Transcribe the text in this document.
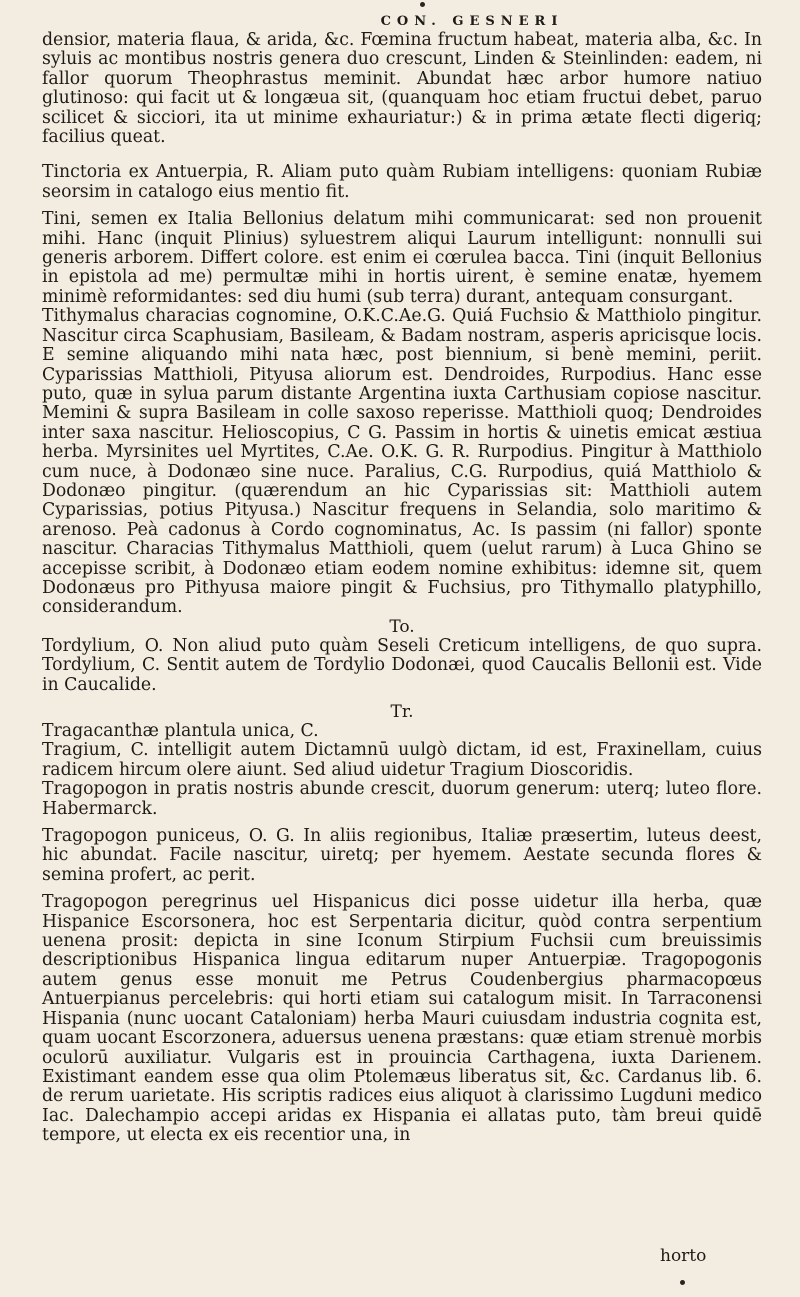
CON. GESNERI

densior, materia flaua, & arida, &c. Fœmina fructum habeat, materia alba, &c. In syluis ac montibus nostris genera duo crescunt, Linden & Steinlinden: eadem, ni fallor quorum Theophrastus meminit. Abundat hæc arbor humore natiuo glutinoso: qui facit ut & longæua sit, (quanquam hoc etiam fructui debet, paruo scilicet & sicciori, ita ut minime exhauriatur:) & in prima ætate flecti digeriq; facilius queat.

Tinctoria ex Antuerpia, R. Aliam puto quàm Rubiam intelligens: quoniam Rubiæ seorsim in catalogo eius mentio fit.

Tini, semen ex Italia Bellonius delatum mihi communicarat: sed non prouenit mihi. Hanc (inquit Plinius) syluestrem aliqui Laurum intelligunt: nonnulli sui generis arborem. Differt colore. est enim ei cœrulea bacca. Tini (inquit Bellonius in epistola ad me) permultæ mihi in hortis uirent, è semine enatæ, hyemem minimè reformidantes: sed diu humi (sub terra) durant, antequam consurgant.

Tithymalus characias cognomine, O.K.C.Ae.G. Quiá Fuchsio & Matthiolo pingitur. Nascitur circa Scaphusiam, Basileam, & Badam nostram, asperis apricisque locis. E semine aliquando mihi nata hæc, post biennium, si benè memini, periit. Cyparissias Matthioli, Pityusa aliorum est. Dendroides, Rurpodius. Hanc esse puto, quæ in sylua parum distante Argentina iuxta Carthusiam copiose nascitur. Memini & supra Basileam in colle saxoso reperisse. Matthioli quoq; Dendroides inter saxa nascitur. Helioscopius, C G. Passim in hortis & uinetis emicat æstiua herba. Myrsinites uel Myrtites, C.Ae. O.K. G. R. Rurpodius. Pingitur à Matthiolo cum nuce, à Dodonæo sine nuce. Paralius, C.G. Rurpodius, quiá Matthiolo & Dodonæo pingitur. (quærendum an hic Cyparissias sit: Matthioli autem Cyparissias, potius Pityusa.) Nascitur frequens in Selandia, solo maritimo & arenoso. Peà cadonus à Cordo cognominatus, Ac. Is passim (ni fallor) sponte nascitur. Characias Tithymalus Matthioli, quem (uelut rarum) à Luca Ghino se accepisse scribit, à Dodonæo etiam eodem nomine exhibitus: idemne sit, quem Dodonæus pro Pithyusa maiore pingit & Fuchsius, pro Tithymallo platyphillo, considerandum.

To.

Tordylium, O. Non aliud puto quàm Seseli Creticum intelligens, de quo supra. Tordylium, C. Sentit autem de Tordylio Dodonæi, quod Caucalis Bellonii est. Vide in Caucalide.

Tr.

Tragacanthæ plantula unica, C.

Tragium, C. intelligit autem Dictamnū uulgò dictam, id est, Fraxinellam, cuius radicem hircum olere aiunt. Sed aliud uidetur Tragium Dioscoridis.

Tragopogon in pratis nostris abunde crescit, duorum generum: uterq; luteo flore. Habermarck.

Tragopogon puniceus, O. G. In aliis regionibus, Italiæ præsertim, luteus deest, hic abundat. Facile nascitur, uiretq; per hyemem. Aestate secunda flores & semina profert, ac perit.

Tragopogon peregrinus uel Hispanicus dici posse uidetur illa herba, quæ Hispanice Escorsonera, hoc est Serpentaria dicitur, quòd contra serpentium uenena prosit: depicta in sine Iconum Stirpium Fuchsii cum breuissimis descriptionibus Hispanica lingua editarum nuper Antuerpiæ. Tragopogonis autem genus esse monuit me Petrus Coudenbergius pharmacopœus Antuerpianus percelebris: qui horti etiam sui catalogum misit. In Tarraconensi Hispania (nunc uocant Cataloniam) herba Mauri cuiusdam industria cognita est, quam uocant Escorzonera, aduersus uenena præstans: quæ etiam strenuè morbis oculorū auxiliatur. Vulgaris est in prouincia Carthagena, iuxta Darienem. Existimant eandem esse qua olim Ptolemæus liberatus sit, &c. Cardanus lib. 6. de rerum uarietate. His scriptis radices eius aliquot à clarissimo Lugduni medico Iac. Dalechampio accepi aridas ex Hispania ei allatas puto, tàm breui quidē tempore, ut electa ex eis recentior una, in

horto
